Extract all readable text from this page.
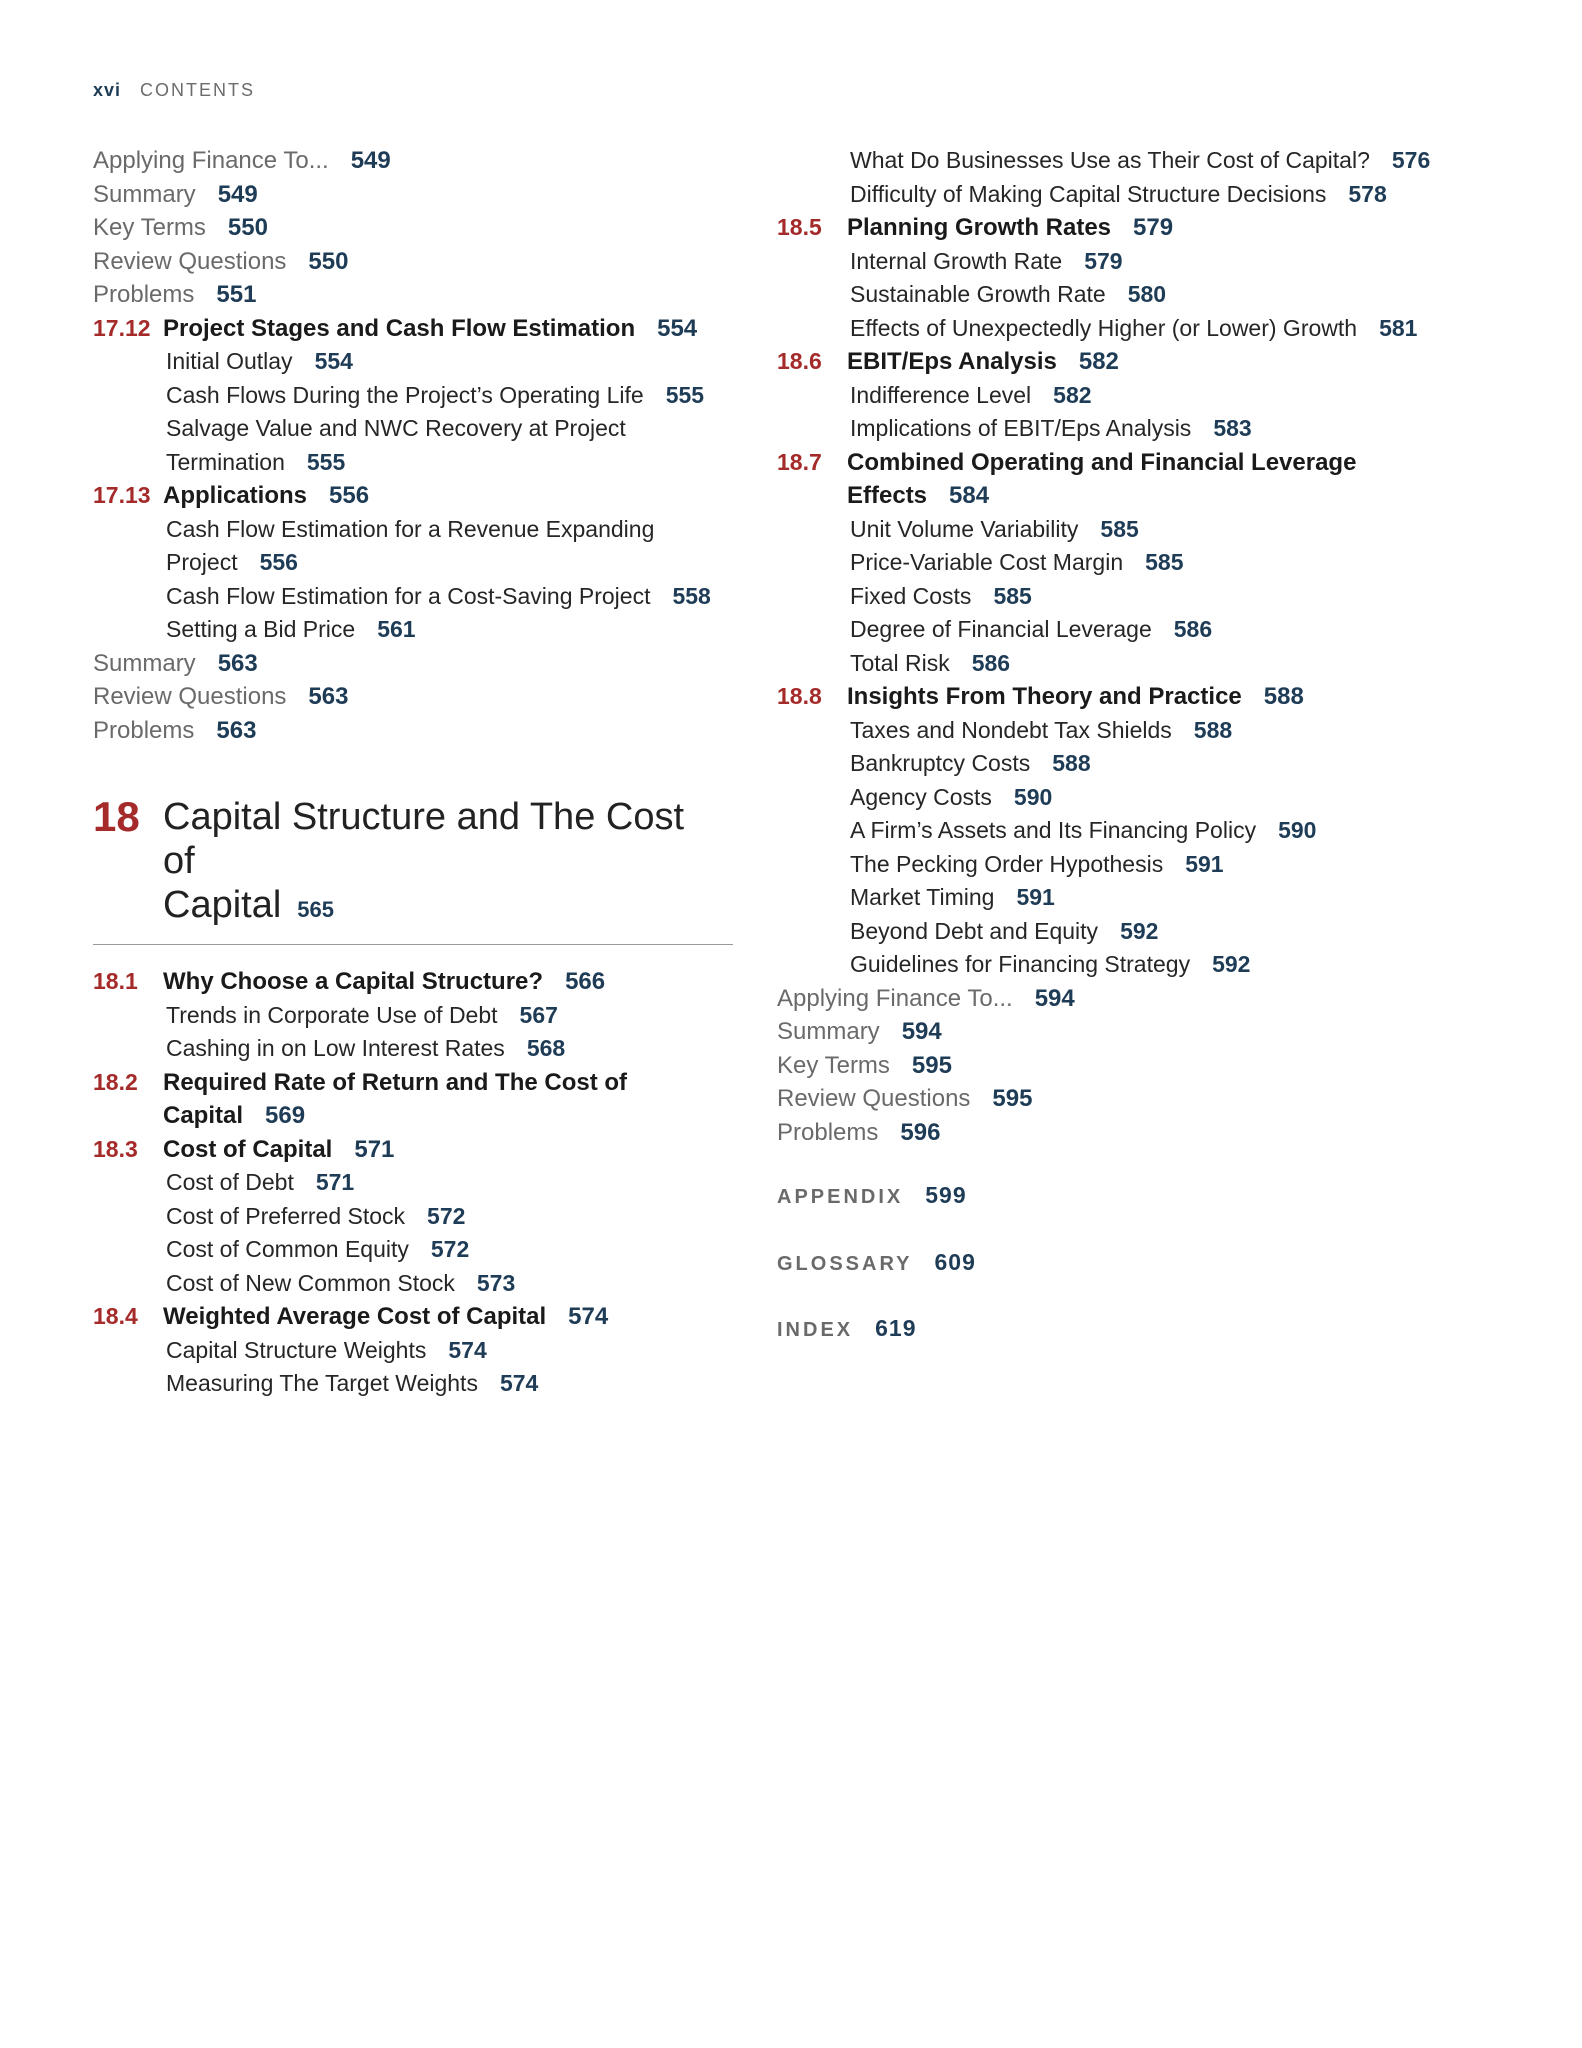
xvi CONTENTS
Applying Finance To... 549
Summary 549
Key Terms 550
Review Questions 550
Problems 551
17.12 Project Stages and Cash Flow Estimation 554
Initial Outlay 554
Cash Flows During the Project’s Operating Life 555
Salvage Value and NWC Recovery at Project
Termination 555
17.13 Applications 556
Cash Flow Estimation for a Revenue Expanding
Project 556
Cash Flow Estimation for a Cost-Saving Project 558
Setting a Bid Price 561
Summary 563
Review Questions 563
Problems 563
18 Capital Structure and The Cost of
Capital 565
18.1	Why Choose a Capital Structure? 566
Trends in Corporate Use of Debt 567
Cashing in on Low Interest Rates 568
18.2	Required Rate of Return and The Cost of
Capital 569
18.3	Cost of Capital 571
Cost of Debt 571
Cost of Preferred Stock 572
Cost of Common Equity 572
Cost of New Common Stock 573
18.4	Weighted Average Cost of Capital 574
Capital Structure Weights 574
Measuring The Target Weights 574
What Do Businesses Use as Their Cost of Capital? 576
Difficulty of Making Capital Structure Decisions 578
18.5	Planning Growth Rates 579
Internal Growth Rate 579
Sustainable Growth Rate 580
Effects of Unexpectedly Higher (or Lower) Growth 581
18.6	EBIT/Eps Analysis 582
Indifference Level 582
Implications of EBIT/Eps Analysis 583
18.7	Combined Operating and Financial Leverage
Effects 584
Unit Volume Variability 585
Price-Variable Cost Margin 585
Fixed Costs 585
Degree of Financial Leverage 586
Total Risk 586
18.8	Insights From Theory and Practice 588
Taxes and Nondebt Tax Shields 588
Bankruptcy Costs 588
Agency Costs 590
A Firm’s Assets and Its Financing Policy 590
The Pecking Order Hypothesis 591
Market Timing 591
Beyond Debt and Equity 592
Guidelines for Financing Strategy 592
Applying Finance To... 594
Summary 594
Key Terms 595
Review Questions 595
Problems 596
APPENDIX 599
GLOSSARY 609
INDEX 619
